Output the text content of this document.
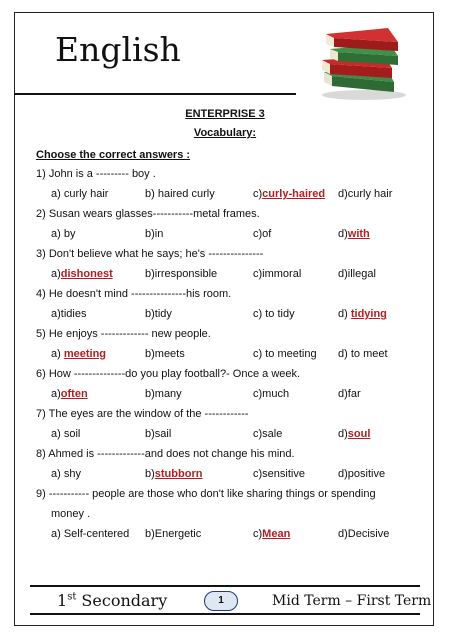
English
ENTERPRISE 3
Vocabulary:
Choose the correct answers :
1) John is a --------- boy .
a) curly hair	b) haired curly	c)curly-haired d)curly hair
2) Susan wears glasses-----------metal frames.
a) by	b)in	c)of	d)with
3) Don't believe what he says; he's ---------------
a)dishonest	b)irresponsible	c)immoral	d)illegal
4) He doesn't mind ---------------his room.
a)tidies	b)tidy	c) to tidy	d) tidying
5) He enjoys ------------- new people.
a) meeting	b)meets	c) to meeting d) to meet
6) How --------------do you play football?- Once a week.
a)often	b)many	c)much	d)far
7) The eyes are the window of the ------------
a) soil	b)sail	c)sale	d)soul
8) Ahmed is -------------and does not change his mind.
a) shy	b)stubborn	c)sensitive	d)positive
9) ----------- people are those who don't like sharing things or spending
money .
a) Self-centered b)Energetic	c)Mean	d)Decisive
1st Secondary	1	Mid Term – First Term
